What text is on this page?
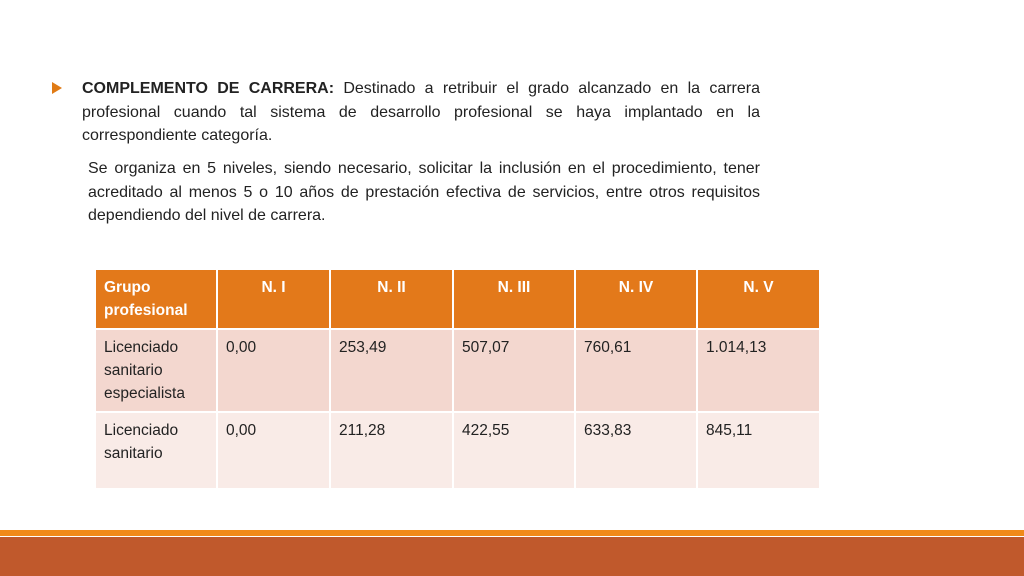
COMPLEMENTO DE CARRERA: Destinado a retribuir el grado alcanzado en la carrera profesional cuando tal sistema de desarrollo profesional se haya implantado en la correspondiente categoría.

Se organiza en 5 niveles, siendo necesario, solicitar la inclusión en el procedimiento, tener acreditado al menos 5 o 10 años de prestación efectiva de servicios, entre otros requisitos dependiendo del nivel de carrera.

Grupo profesional	N. I	N. II	N. III	N. IV	N. V
Licenciado sanitario especialista	0,00	253,49	507,07	760,61	1.014,13
Licenciado sanitario	0,00	211,28	422,55	633,83	845,11
